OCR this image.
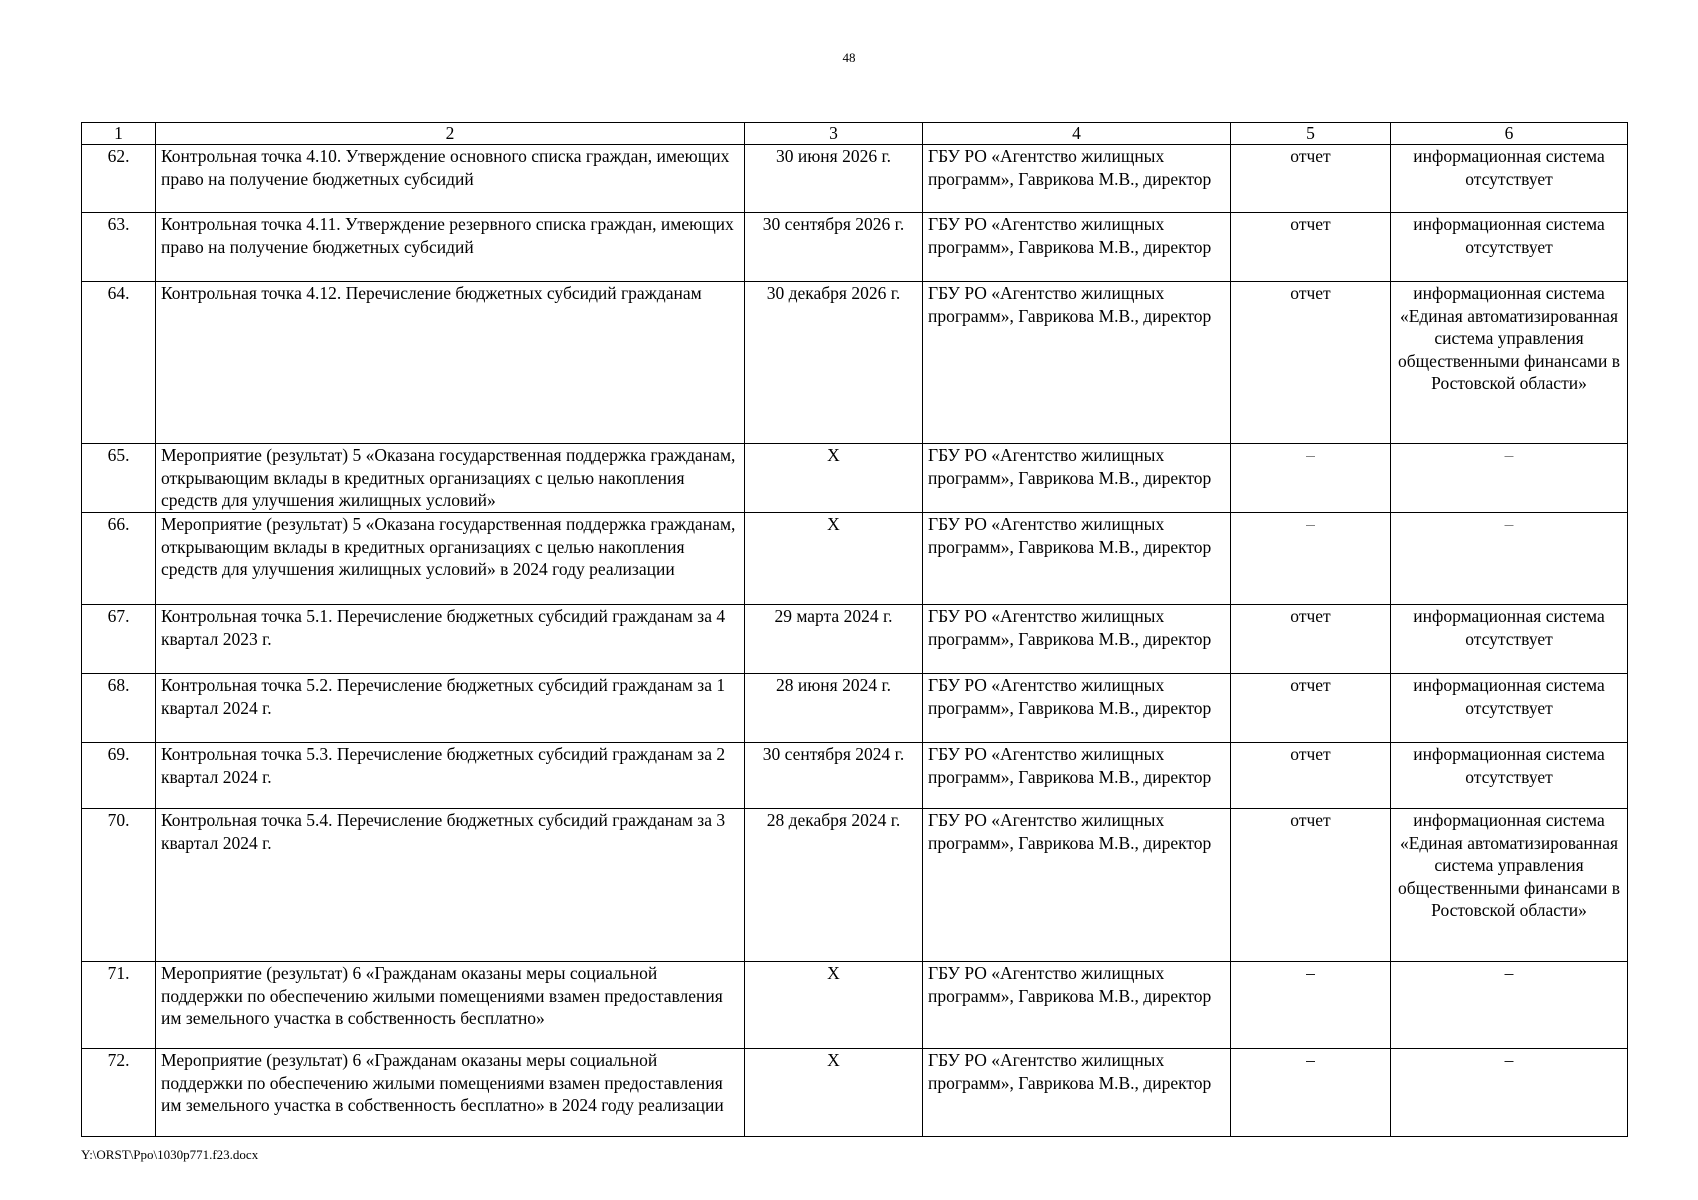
48
1	2	3	4	5	6
62.	Контрольная точка 4.10. Утверждение основного списка граждан, имеющих право на получение бюджетных субсидий	30 июня 2026 г.	ГБУ РО «Агентство жилищных программ», Гаврикова М.В., директор	отчет	информационная система отсутствует
63.	Контрольная точка 4.11. Утверждение резервного списка граждан, имеющих право на получение бюджетных субсидий	30 сентября 2026 г.	ГБУ РО «Агентство жилищных программ», Гаврикова М.В., директор	отчет	информационная система отсутствует
64.	Контрольная точка 4.12. Перечисление бюджетных субсидий гражданам	30 декабря 2026 г.	ГБУ РО «Агентство жилищных программ», Гаврикова М.В., директор	отчет	информационная система «Единая автоматизированная система управления общественными финансами в Ростовской области»
65.	Мероприятие (результат) 5 «Оказана государственная поддержка гражданам, открывающим вклады в кредитных организациях с целью накопления средств для улучшения жилищных условий»	X	ГБУ РО «Агентство жилищных программ», Гаврикова М.В., директор	–	–
66.	Мероприятие (результат) 5 «Оказана государственная поддержка гражданам, открывающим вклады в кредитных организациях с целью накопления средств для улучшения жилищных условий» в 2024 году реализации	X	ГБУ РО «Агентство жилищных программ», Гаврикова М.В., директор	–	–
67.	Контрольная точка 5.1. Перечисление бюджетных субсидий гражданам за 4 квартал 2023 г.	29 марта 2024 г.	ГБУ РО «Агентство жилищных программ», Гаврикова М.В., директор	отчет	информационная система отсутствует
68.	Контрольная точка 5.2. Перечисление бюджетных субсидий гражданам за 1 квартал 2024 г.	28 июня 2024 г.	ГБУ РО «Агентство жилищных программ», Гаврикова М.В., директор	отчет	информационная система отсутствует
69.	Контрольная точка 5.3. Перечисление бюджетных субсидий гражданам за 2 квартал 2024 г.	30 сентября 2024 г.	ГБУ РО «Агентство жилищных программ», Гаврикова М.В., директор	отчет	информационная система отсутствует
70.	Контрольная точка 5.4. Перечисление бюджетных субсидий гражданам за 3 квартал 2024 г.	28 декабря 2024 г.	ГБУ РО «Агентство жилищных программ», Гаврикова М.В., директор	отчет	информационная система «Единая автоматизированная система управления общественными финансами в Ростовской области»
71.	Мероприятие (результат) 6 «Гражданам оказаны меры социальной поддержки по обеспечению жилыми помещениями взамен предоставления им земельного участка в собственность бесплатно»	X	ГБУ РО «Агентство жилищных программ», Гаврикова М.В., директор	–	–
72.	Мероприятие (результат) 6 «Гражданам оказаны меры социальной поддержки по обеспечению жилыми помещениями взамен предоставления им земельного участка в собственность бесплатно» в 2024 году реализации	X	ГБУ РО «Агентство жилищных программ», Гаврикова М.В., директор	–	–
Y:\ORST\Ppo\1030p771.f23.docx
